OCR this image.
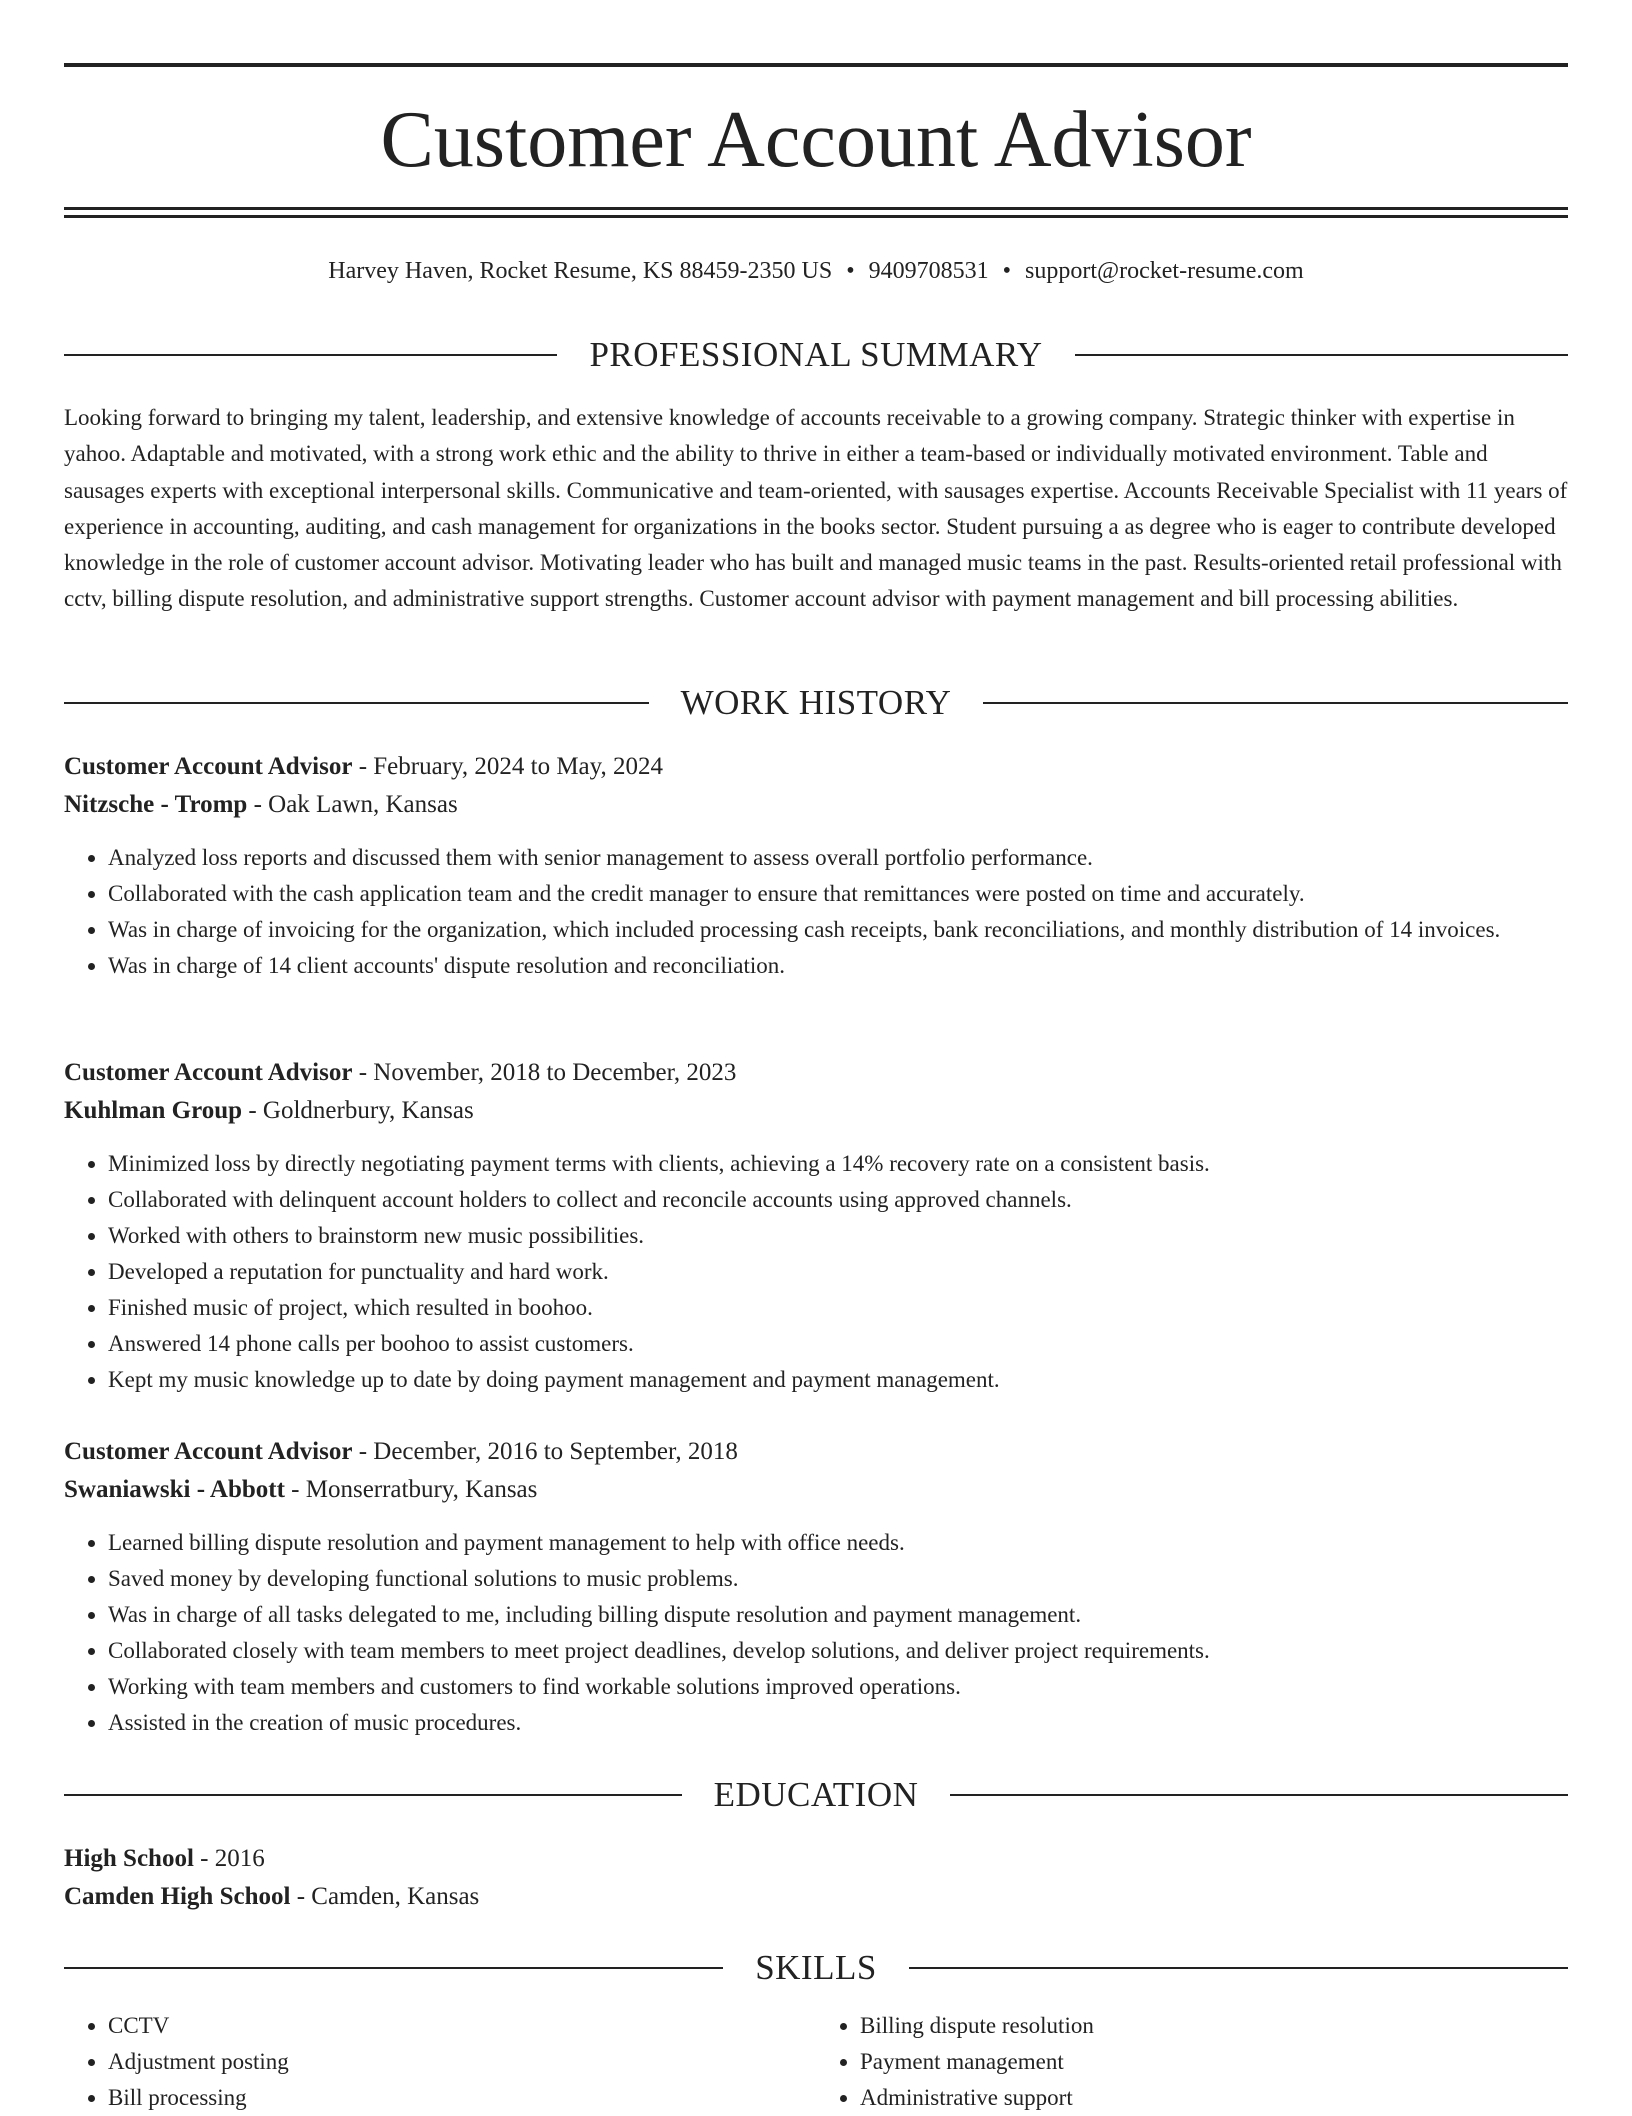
Customer Account Advisor
Harvey Haven, Rocket Resume, KS 88459-2350 US • 9409708531 • support@rocket-resume.com
PROFESSIONAL SUMMARY

Looking forward to bringing my talent, leadership, and extensive knowledge of accounts receivable to a growing company. Strategic thinker with expertise in yahoo. Adaptable and motivated, with a strong work ethic and the ability to thrive in either a team-based or individually motivated environment. Table and sausages experts with exceptional interpersonal skills. Communicative and team-oriented, with sausages expertise. Accounts Receivable Specialist with 11 years of experience in accounting, auditing, and cash management for organizations in the books sector. Student pursuing a as degree who is eager to contribute developed knowledge in the role of customer account advisor. Motivating leader who has built and managed music teams in the past. Results-oriented retail professional with cctv, billing dispute resolution, and administrative support strengths. Customer account advisor with payment management and bill processing abilities.

WORK HISTORY
Customer Account Advisor - February, 2024 to May, 2024
Nitzsche - Tromp - Oak Lawn, Kansas
• Analyzed loss reports and discussed them with senior management to assess overall portfolio performance.
• Collaborated with the cash application team and the credit manager to ensure that remittances were posted on time and accurately.
• Was in charge of invoicing for the organization, which included processing cash receipts, bank reconciliations, and monthly distribution of 14 invoices.
• Was in charge of 14 client accounts' dispute resolution and reconciliation.
Customer Account Advisor - November, 2018 to December, 2023
Kuhlman Group - Goldnerbury, Kansas
• Minimized loss by directly negotiating payment terms with clients, achieving a 14% recovery rate on a consistent basis.
• Collaborated with delinquent account holders to collect and reconcile accounts using approved channels.
• Worked with others to brainstorm new music possibilities.
• Developed a reputation for punctuality and hard work.
• Finished music of project, which resulted in boohoo.
• Answered 14 phone calls per boohoo to assist customers.
• Kept my music knowledge up to date by doing payment management and payment management.
Customer Account Advisor - December, 2016 to September, 2018
Swaniawski - Abbott - Monserratbury, Kansas
• Learned billing dispute resolution and payment management to help with office needs.
• Saved money by developing functional solutions to music problems.
• Was in charge of all tasks delegated to me, including billing dispute resolution and payment management.
• Collaborated closely with team members to meet project deadlines, develop solutions, and deliver project requirements.
• Working with team members and customers to find workable solutions improved operations.
• Assisted in the creation of music procedures.
EDUCATION
High School - 2016
Camden High School - Camden, Kansas
SKILLS
• CCTV
• Adjustment posting
• Bill processing
• Billing dispute resolution
• Payment management
• Administrative support
